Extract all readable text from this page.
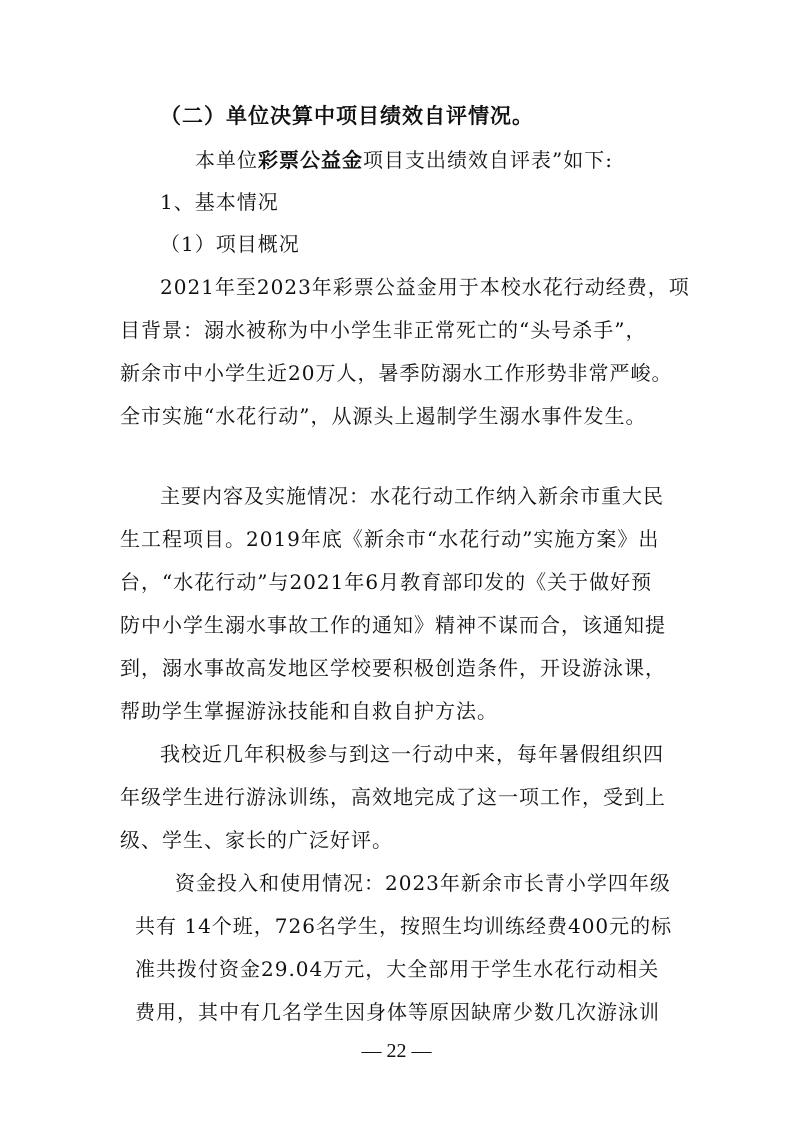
（二）单位决算中项目绩效自评情况。
本单位彩票公益金项目支出绩效自评表”如下:
1、基本情况
（1）项目概况
2021年至2023年彩票公益金用于本校水花行动经费，项
目背景：溺水被称为中小学生非正常死亡的“头号杀手”，
新余市中小学生近20万人，暑季防溺水工作形势非常严峻。
全市实施“水花行动”，从源头上遏制学生溺水事件发生。
主要内容及实施情况：水花行动工作纳入新余市重大民
生工程项目。2019年底《新余市“水花行动”实施方案》出
台，“水花行动”与2021年6月教育部印发的《关于做好预
防中小学生溺水事故工作的通知》精神不谋而合，该通知提
到，溺水事故高发地区学校要积极创造条件，开设游泳课，
帮助学生掌握游泳技能和自救自护方法。
我校近几年积极参与到这一行动中来，每年暑假组织四
年级学生进行游泳训练，高效地完成了这一项工作，受到上
级、学生、家长的广泛好评。
资金投入和使用情况：2023年新余市长青小学四年级
共有 14个班，726名学生，按照生均训练经费400元的标
准共拨付资金29.04万元，大全部用于学生水花行动相关
费用，其中有几名学生因身体等原因缺席少数几次游泳训
— 22 —
